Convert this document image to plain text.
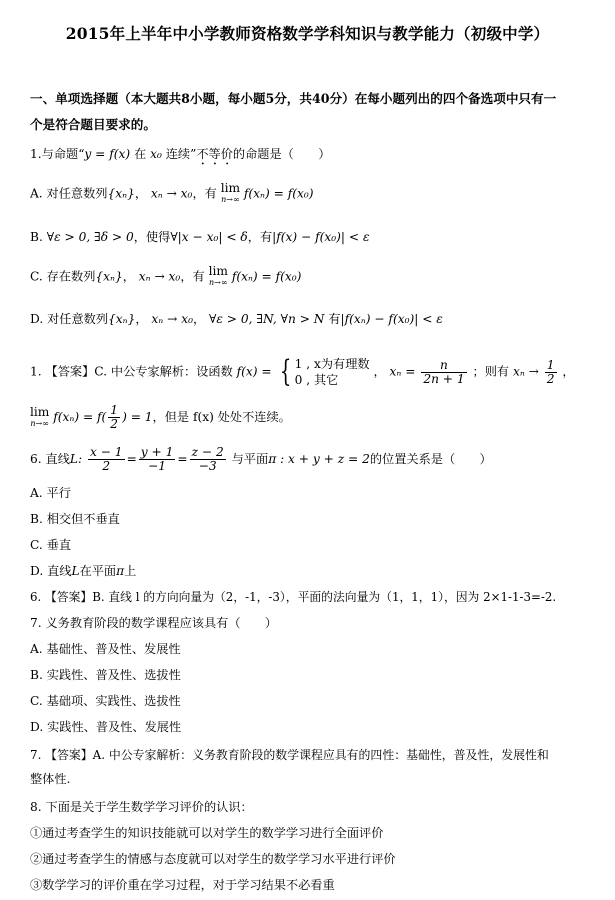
2015年上半年中小学教师资格数学学科知识与教学能力（初级中学）
一、单项选择题（本大题共8小题，每小题5分，共40分）在每小题列出的四个备选项中只有一
个是符合题目要求的。
1.与命题“y = f(x) 在 x₀ 连续”不等价的命题是（　　）
A. 对任意数列{xₙ}， xₙ → x₀，有 lim
n→∞ f(xₙ) = f(x₀)
B. ∀ε > 0, ∃δ > 0，使得∀|x − x₀| < δ，有|f(x) − f(x₀)| < ε
C. 存在数列{xₙ}， xₙ → x₀，有 lim
n→∞ f(xₙ) = f(x₀)
D. 对任意数列{xₙ}， xₙ → x₀， ∀ε > 0, ∃N, ∀n > N 有|f(xₙ) − f(x₀)| < ε
1. 【答案】C. 中公专家解析：设函数 f(x) = { 1 , x为有理数
0 , 其它
， $x_n = \frac{n}{2n + 1}$ ；则有 $x_n \to \frac{1}{2}$ ，
lim
n→∞ $f(x_n) = f( \frac{1}{2}$ ) = 1，但是 f(x) 处处不连续。
6. 直线L: $\frac{x - 1}{2} = \frac{y + 1}{-1} = \frac{z - 2}{-3}$ 与平面π : x + y + z = 2的位置关系是（　　）
A. 平行
B. 相交但不垂直
C. 垂直
D. 直线L在平面π上
6. 【答案】B. 直线 l 的方向向量为（2，-1，-3），平面的法向量为（1，1，1），因为 2×1-1-3=-2.
7. 义务教育阶段的数学课程应该具有（　　）
A. 基础性、普及性、发展性
B. 实践性、普及性、选拔性
C. 基础项、实践性、选拔性
D. 实践性、普及性、发展性
7. 【答案】A. 中公专家解析：义务教育阶段的数学课程应具有的四性：基础性，普及性，发展性和
整体性.
8. 下面是关于学生数学学习评价的认识：
①通过考查学生的知识技能就可以对学生的数学学习进行全面评价
②通过考查学生的情感与态度就可以对学生的数学学习水平进行评价
③数学学习的评价重在学习过程，对于学习结果不必看重
